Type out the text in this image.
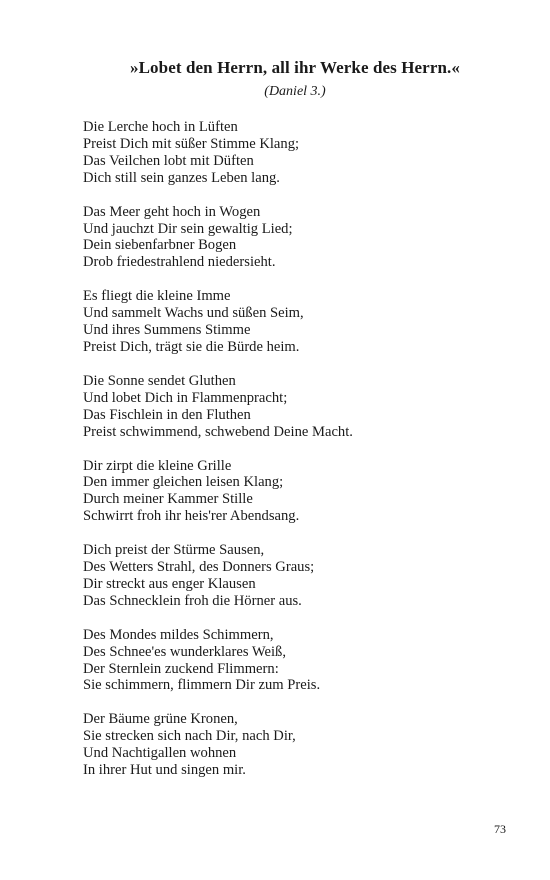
»Lobet den Herrn, all ihr Werke des Herrn.«
(Daniel 3.)
Die Lerche hoch in Lüften
Preist Dich mit süßer Stimme Klang;
Das Veilchen lobt mit Düften
Dich still sein ganzes Leben lang.
Das Meer geht hoch in Wogen
Und jauchzt Dir sein gewaltig Lied;
Dein siebenfarbner Bogen
Drob friedestrahlend niedersieht.
Es fliegt die kleine Imme
Und sammelt Wachs und süßen Seim,
Und ihres Summens Stimme
Preist Dich, trägt sie die Bürde heim.
Die Sonne sendet Gluthen
Und lobet Dich in Flammenpracht;
Das Fischlein in den Fluthen
Preist schwimmend, schwebend Deine Macht.
Dir zirpt die kleine Grille
Den immer gleichen leisen Klang;
Durch meiner Kammer Stille
Schwirrt froh ihr heis'rer Abendsang.
Dich preist der Stürme Sausen,
Des Wetters Strahl, des Donners Graus;
Dir streckt aus enger Klausen
Das Schnecklein froh die Hörner aus.
Des Mondes mildes Schimmern,
Des Schnee'es wunderklares Weiß,
Der Sternlein zuckend Flimmern:
Sie schimmern, flimmern Dir zum Preis.
Der Bäume grüne Kronen,
Sie strecken sich nach Dir, nach Dir,
Und Nachtigallen wohnen
In ihrer Hut und singen mir.
73
